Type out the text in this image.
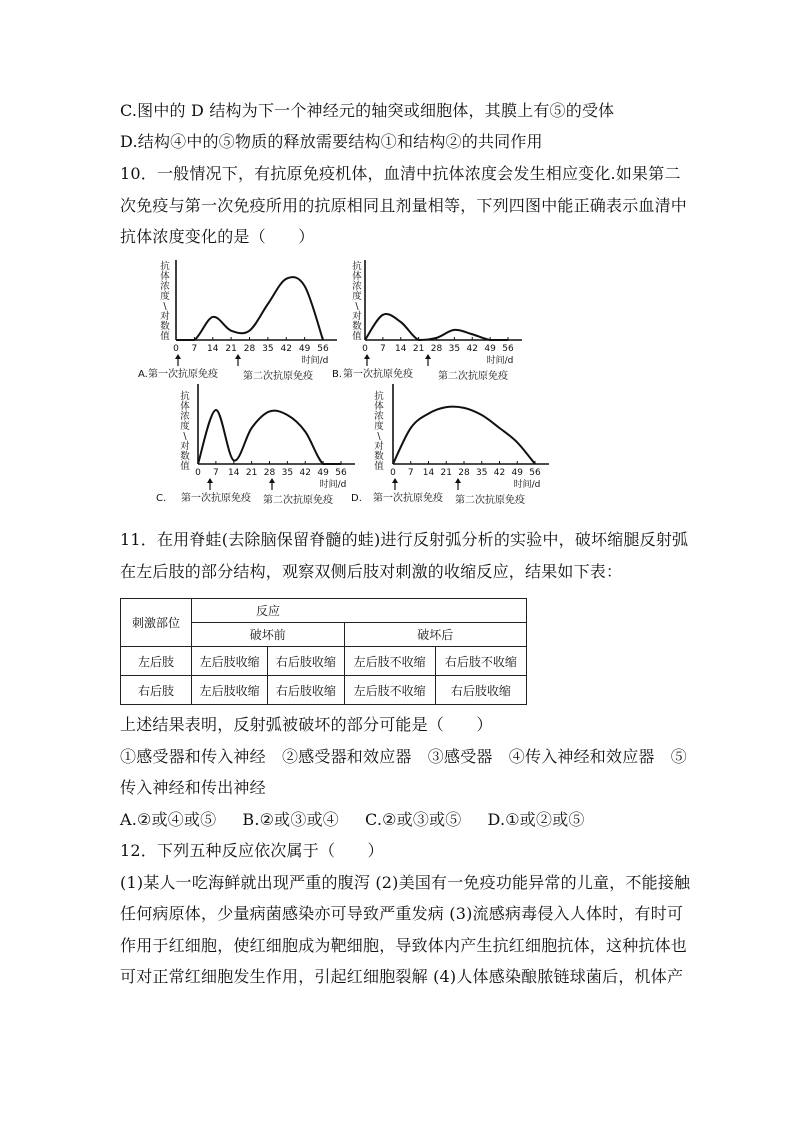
C.图中的 D 结构为下一个神经元的轴突或细胞体，其膜上有⑤的受体
D.结构④中的⑤物质的释放需要结构①和结构②的共同作用
10．一般情况下，有抗原免疫机体，血清中抗体浓度会发生相应变化.如果第二
次免疫与第一次免疫所用的抗原相同且剂量相等，下列四图中能正确表示血清中
抗体浓度变化的是（　　）
抗
体
浓
度
\
对
数
值
0 7 14 21 28 35 42 49 56
时间/d
第一次抗原免疫	第二次抗原免疫
A.
抗
体
浓
度
\
对
数
值
0 7 14 21 28 35 42 49 56
时间/d
第一次抗原免疫	第二次抗原免疫
B.
抗
体
浓
度
\
对
数
值
0 7 14 21 28 35 42 49 56
时间/d
第一次抗原免疫 第二次抗原免疫
C.
抗
体
浓
度
\
对
数
值
0 7 14 21 28 35 42 49 56
时间/d
第一次抗原免疫 第二次抗原免疫
D.
11．在用脊蛙(去除脑保留脊髓的蛙)进行反射弧分析的实验中，破坏缩腿反射弧
在左后肢的部分结构，观察双侧后肢对刺激的收缩反应，结果如下表：
刺激部位	反应			
	破坏前		破坏后	
左后肢	左后肢收缩	右后肢收缩	左后肢不收缩	右后肢不收缩
右后肢	左后肢收缩	右后肢收缩	左后肢不收缩	右后肢收缩
上述结果表明，反射弧被破坏的部分可能是（　　）
①感受器和传入神经　②感受器和效应器　③感受器　④传入神经和效应器　⑤
传入神经和传出神经
A.②或④或⑤ B.②或③或④ C.②或③或⑤ D.①或②或⑤
12．下列五种反应依次属于（　　）
(1)某人一吃海鲜就出现严重的腹泻 (2)美国有一免疫功能异常的儿童，不能接触
任何病原体，少量病菌感染亦可导致严重发病 (3)流感病毒侵入人体时，有时可
作用于红细胞，使红细胞成为靶细胞，导致体内产生抗红细胞抗体，这种抗体也
可对正常红细胞发生作用，引起红细胞裂解 (4)人体感染酿脓链球菌后，机体产
